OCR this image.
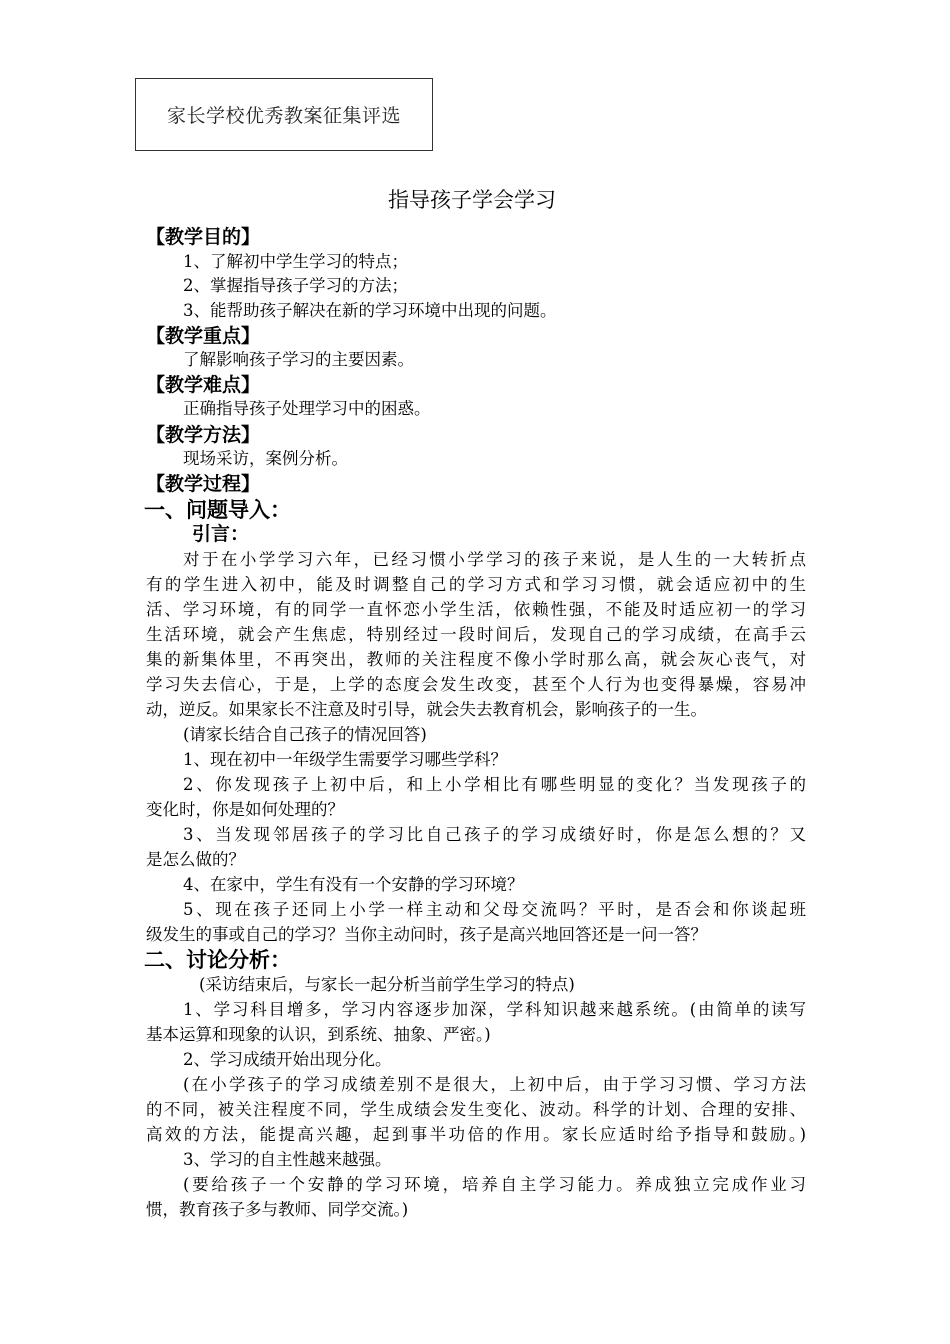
家长学校优秀教案征集评选
指导孩子学会学习
【教学目的】
1、了解初中学生学习的特点；
2、掌握指导孩子学习的方法；
3、能帮助孩子解决在新的学习环境中出现的问题。
【教学重点】
了解影响孩子学习的主要因素。
【教学难点】
正确指导孩子处理学习中的困惑。
【教学方法】
现场采访，案例分析。
【教学过程】
一、问题导入：
引言：
对于在小学学习六年，已经习惯小学学习的孩子来说，是人生的一大转折点
有的学生进入初中，能及时调整自己的学习方式和学习习惯，就会适应初中的生
活、学习环境，有的同学一直怀恋小学生活，依赖性强，不能及时适应初一的学习
生活环境，就会产生焦虑，特别经过一段时间后，发现自己的学习成绩，在高手云
集的新集体里，不再突出，教师的关注程度不像小学时那么高，就会灰心丧气，对
学习失去信心，于是，上学的态度会发生改变，甚至个人行为也变得暴燥，容易冲
动，逆反。如果家长不注意及时引导，就会失去教育机会，影响孩子的一生。
(请家长结合自己孩子的情况回答)
1、现在初中一年级学生需要学习哪些学科？
2、你发现孩子上初中后，和上小学相比有哪些明显的变化？当发现孩子的
变化时，你是如何处理的？
3、当发现邻居孩子的学习比自己孩子的学习成绩好时，你是怎么想的？又
是怎么做的？
4、在家中，学生有没有一个安静的学习环境？
5、现在孩子还同上小学一样主动和父母交流吗？平时，是否会和你谈起班
级发生的事或自己的学习？当你主动问时，孩子是高兴地回答还是一问一答？
二、讨论分析：
(采访结束后，与家长一起分析当前学生学习的特点)
1、学习科目增多，学习内容逐步加深，学科知识越来越系统。(由简单的读写
基本运算和现象的认识，到系统、抽象、严密。)
2、学习成绩开始出现分化。
(在小学孩子的学习成绩差别不是很大，上初中后，由于学习习惯、学习方法
的不同，被关注程度不同，学生成绩会发生变化、波动。科学的计划、合理的安排、
高效的方法，能提高兴趣，起到事半功倍的作用。家长应适时给予指导和鼓励。)
3、学习的自主性越来越强。
(要给孩子一个安静的学习环境，培养自主学习能力。养成独立完成作业习
惯，教育孩子多与教师、同学交流。)
